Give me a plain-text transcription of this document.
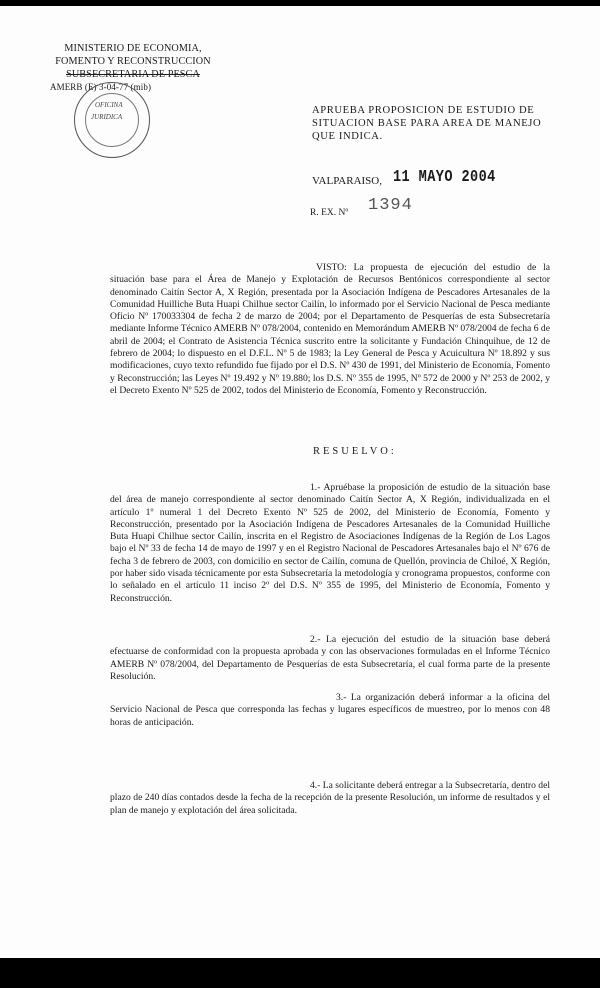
MINISTERIO DE ECONOMIA,
FOMENTO Y RECONSTRUCCION
SUBSECRETARIA DE PESCA
AMERB (E) 3-04-77 (mib)
OFICINA
JURIDICA
APRUEBA PROPOSICION DE ESTUDIO DE SITUACION BASE PARA AREA DE MANEJO QUE INDICA.
VALPARAISO, 11 MAYO 2004
1394
R. EX. Nº
VISTO: La propuesta de ejecución del estudio de la situación base para el Área de Manejo y Explotación de Recursos Bentónicos correspondiente al sector denominado Caitín Sector A, X Región, presentada por la Asociación Indígena de Pescadores Artesanales de la Comunidad Huilliche Buta Huapi Chilhue sector Cailín, lo informado por el Servicio Nacional de Pesca mediante Oficio Nº 170033304 de fecha 2 de marzo de 2004; por el Departamento de Pesquerías de esta Subsecretaría mediante Informe Técnico AMERB Nº 078/2004, contenido en Memorándum AMERB Nº 078/2004 de fecha 6 de abril de 2004; el Contrato de Asistencia Técnica suscrito entre la solicitante y Fundación Chinquihue, de 12 de febrero de 2004; lo dispuesto en el D.F.L. Nº 5 de 1983; la Ley General de Pesca y Acuicultura Nº 18.892 y sus modificaciones, cuyo texto refundido fue fijado por el D.S. Nº 430 de 1991, del Ministerio de Economía, Fomento y Reconstrucción; las Leyes Nº 19.492 y Nº 19.880; los D.S. Nº 355 de 1995, Nº 572 de 2000 y Nº 253 de 2002, y el Decreto Exento Nº 525 de 2002, todos del Ministerio de Economía, Fomento y Reconstrucción.
RESUELVO:
1.- Apruébase la proposición de estudio de la situación base del área de manejo correspondiente al sector denominado Caitín Sector A, X Región, individualizada en el artículo 1º numeral 1 del Decreto Exento Nº 525 de 2002, del Ministerio de Economía, Fomento y Reconstrucción, presentado por la Asociación Indígena de Pescadores Artesanales de la Comunidad Huilliche Buta Huapi Chilhue sector Cailín, inscrita en el Registro de Asociaciones Indígenas de la Región de Los Lagos bajo el Nº 33 de fecha 14 de mayo de 1997 y en el Registro Nacional de Pescadores Artesanales bajo el Nº 676 de fecha 3 de febrero de 2003, con domicilio en sector de Cailín, comuna de Quellón, provincia de Chiloé, X Región, por haber sido visada técnicamente por esta Subsecretaría la metodología y cronograma propuestos, conforme con lo señalado en el artículo 11 inciso 2º del D.S. Nº 355 de 1995, del Ministerio de Economía, Fomento y Reconstrucción.
2.- La ejecución del estudio de la situación base deberá efectuarse de conformidad con la propuesta aprobada y con las observaciones formuladas en el Informe Técnico AMERB Nº 078/2004, del Departamento de Pesquerías de esta Subsecretaría, el cual forma parte de la presente Resolución.
3.- La organización deberá informar a la oficina del Servicio Nacional de Pesca que corresponda las fechas y lugares específicos de muestreo, por lo menos con 48 horas de anticipación.
4.- La solicitante deberá entregar a la Subsecretaría, dentro del plazo de 240 días contados desde la fecha de la recepción de la presente Resolución, un informe de resultados y el plan de manejo y explotación del área solicitada.
